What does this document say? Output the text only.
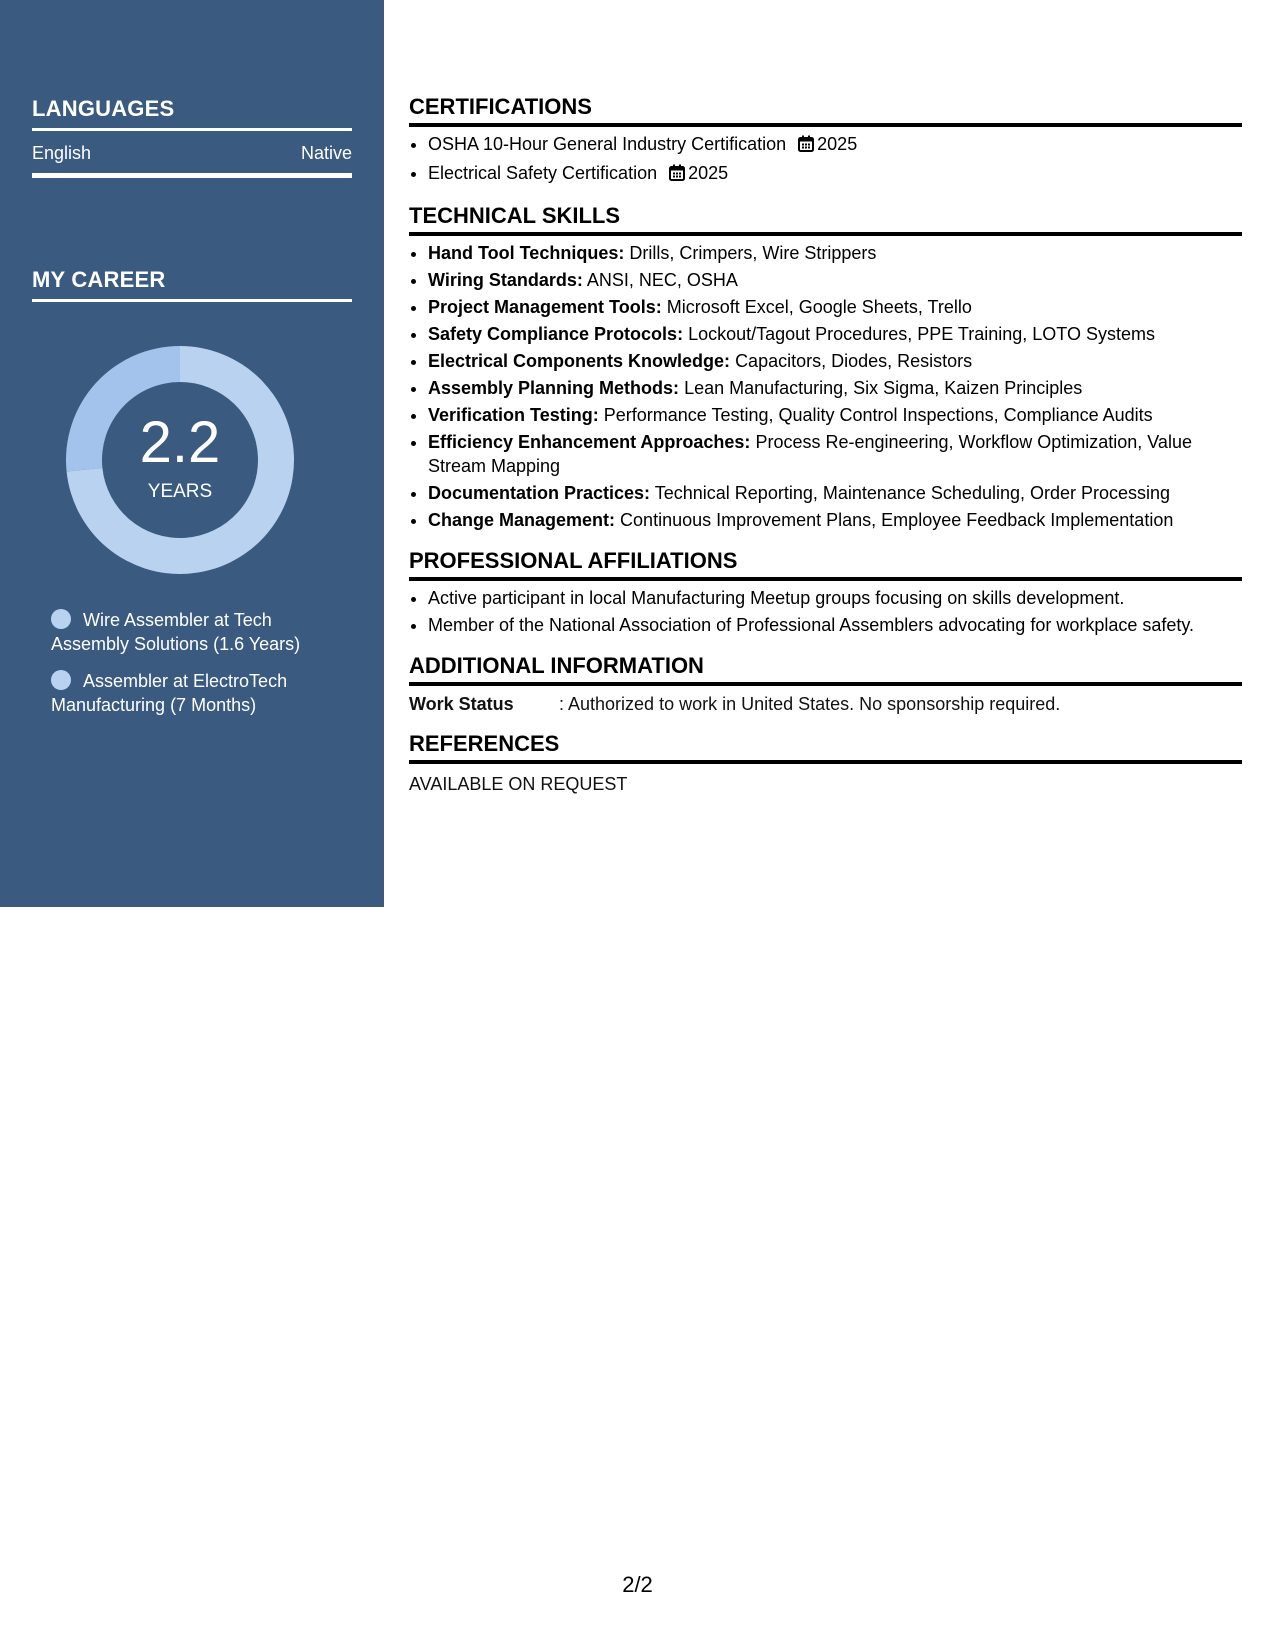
LANGUAGES
English	Native
MY CAREER
2.2
YEARS
Wire Assembler at Tech Assembly Solutions (1.6 Years)
Assembler at ElectroTech Manufacturing (7 Months)
CERTIFICATIONS
• OSHA 10-Hour General Industry Certification 2025
• Electrical Safety Certification 2025
TECHNICAL SKILLS
• Hand Tool Techniques: Drills, Crimpers, Wire Strippers
• Wiring Standards: ANSI, NEC, OSHA
• Project Management Tools: Microsoft Excel, Google Sheets, Trello
• Safety Compliance Protocols: Lockout/Tagout Procedures, PPE Training, LOTO Systems
• Electrical Components Knowledge: Capacitors, Diodes, Resistors
• Assembly Planning Methods: Lean Manufacturing, Six Sigma, Kaizen Principles
• Verification Testing: Performance Testing, Quality Control Inspections, Compliance Audits
• Efficiency Enhancement Approaches: Process Re-engineering, Workflow Optimization, Value Stream Mapping
• Documentation Practices: Technical Reporting, Maintenance Scheduling, Order Processing
• Change Management: Continuous Improvement Plans, Employee Feedback Implementation
PROFESSIONAL AFFILIATIONS
• Active participant in local Manufacturing Meetup groups focusing on skills development.
• Member of the National Association of Professional Assemblers advocating for workplace safety.
ADDITIONAL INFORMATION
Work Status	: Authorized to work in United States. No sponsorship required.
REFERENCES
AVAILABLE ON REQUEST
2/2
